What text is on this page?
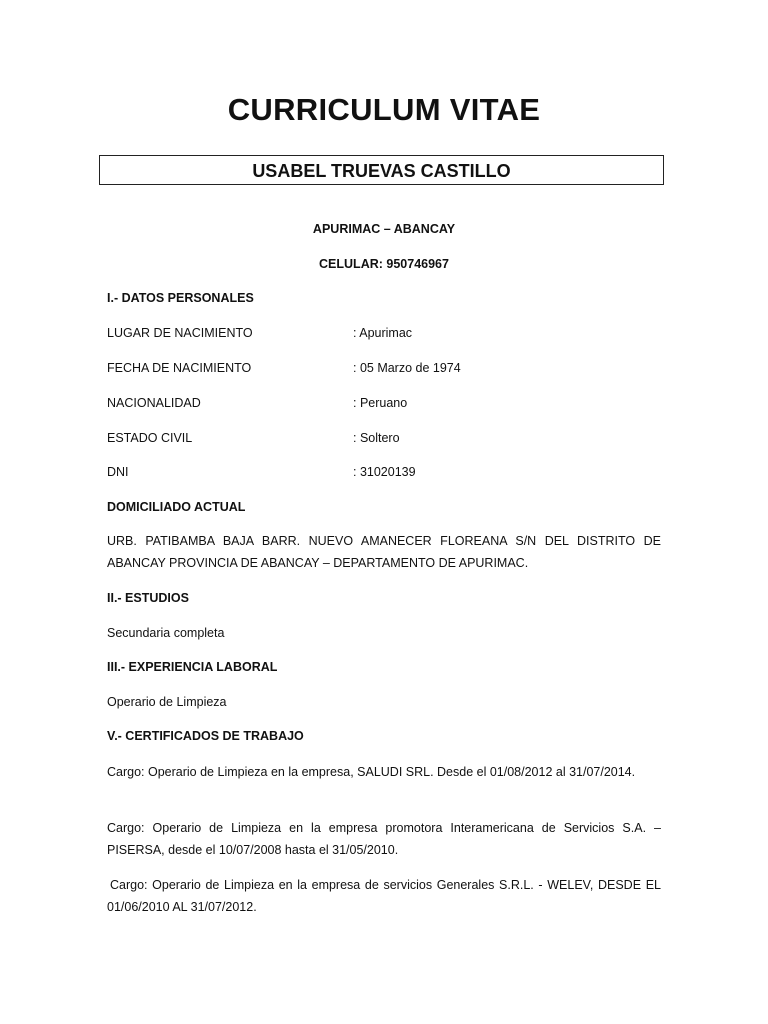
CURRICULUM VITAE
USABEL TRUEVAS CASTILLO
APURIMAC – ABANCAY
CELULAR: 950746967
I.- DATOS PERSONALES
LUGAR DE NACIMIENTO	: Apurimac
FECHA DE NACIMIENTO	: 05 Marzo de 1974
NACIONALIDAD	: Peruano
ESTADO CIVIL	: Soltero
DNI	: 31020139
DOMICILIADO ACTUAL
URB. PATIBAMBA BAJA BARR. NUEVO AMANECER FLOREANA S/N DEL DISTRITO DE ABANCAY PROVINCIA DE ABANCAY – DEPARTAMENTO DE APURIMAC.
II.- ESTUDIOS
Secundaria completa
III.- EXPERIENCIA LABORAL
Operario de Limpieza
V.- CERTIFICADOS DE TRABAJO
Cargo: Operario de Limpieza en la empresa, SALUDI SRL. Desde el 01/08/2012 al 31/07/2014.
Cargo: Operario de Limpieza en la empresa promotora Interamericana de Servicios S.A. – PISERSA, desde el 10/07/2008 hasta el 31/05/2010.
Cargo: Operario de Limpieza en la empresa de servicios Generales S.R.L. - WELEV, DESDE EL 01/06/2010 AL 31/07/2012.
